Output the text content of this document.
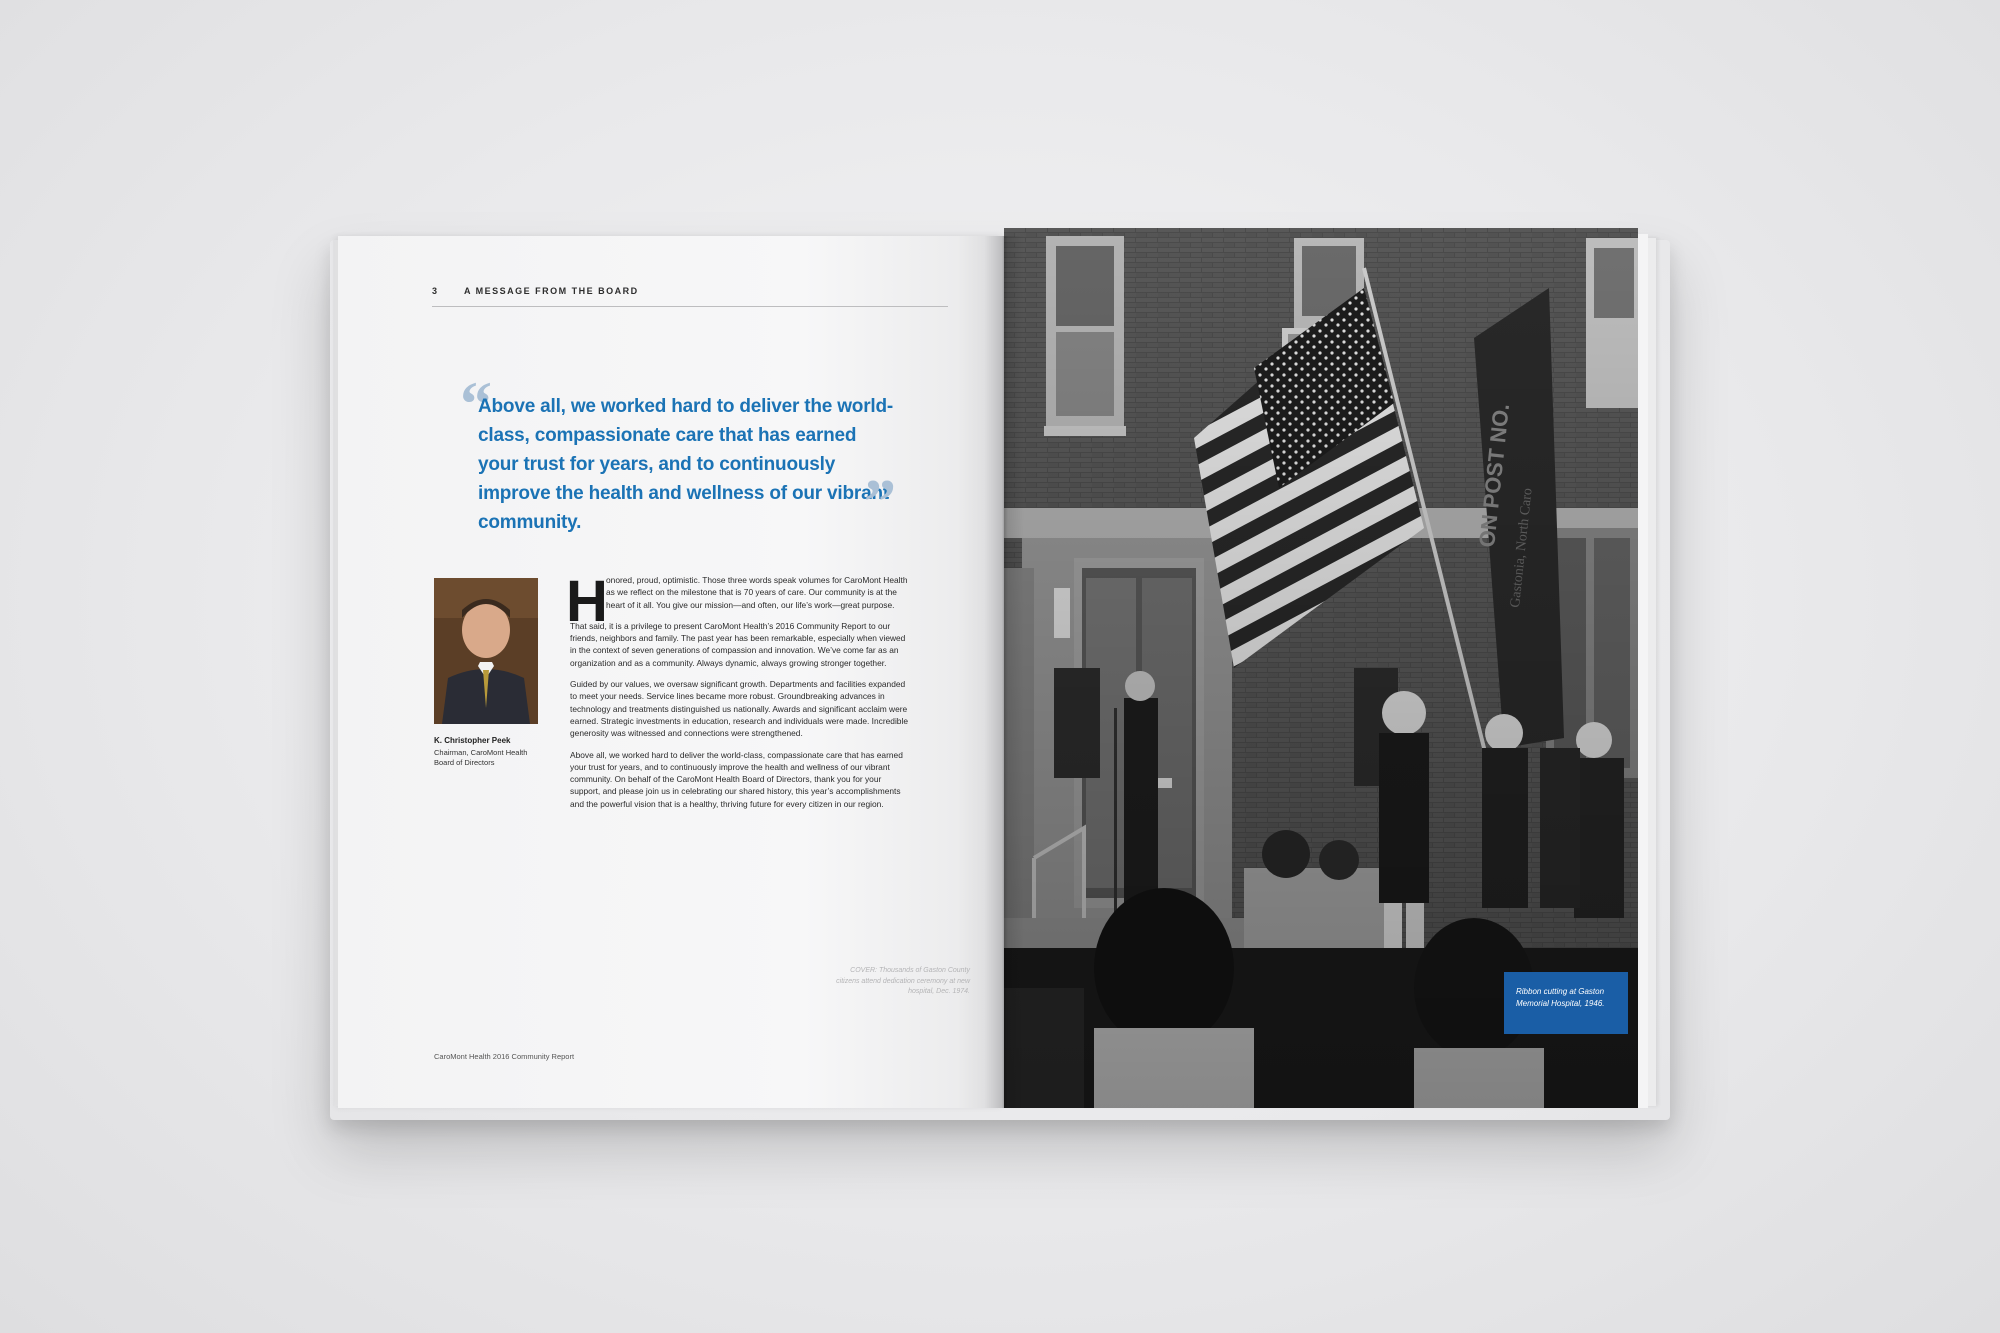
3	A MESSAGE FROM THE BOARD
“
Above all, we worked hard to deliver the world-class, compassionate care that has earned your trust for years, and to continuously improve the health and wellness of our vibrant community.	”
K. Christopher Peek
Chairman, CaroMont Health
Board of Directors
H

onored, proud, optimistic. Those three words speak volumes for CaroMont Health as we reflect on the milestone that is 70 years of care. Our community is at the heart of it all. You give our mission—and often, our life’s work—great purpose.

That said, it is a privilege to present CaroMont Health’s 2016 Community Report to our friends, neighbors and family. The past year has been remarkable, especially when viewed in the context of seven generations of compassion and innovation. We’ve come far as an organization and as a community. Always dynamic, always growing stronger together.

Guided by our values, we oversaw significant growth. Departments and facilities expanded to meet your needs. Service lines became more robust. Groundbreaking advances in technology and treatments distinguished us nationally. Awards and significant acclaim were earned. Strategic investments in education, research and individuals were made. Incredible generosity was witnessed and connections were strengthened.

Above all, we worked hard to deliver the world-class, compassionate care that has earned your trust for years, and to continuously improve the health and wellness of our vibrant community. On behalf of the CaroMont Health Board of Directors, thank you for your support, and please join us in celebrating our shared history, this year’s accomplishments and the powerful vision that is a healthy, thriving future for every citizen in our region.

COVER: Thousands of Gaston County citizens attend dedication ceremony at new hospital, Dec. 1974.
CaroMont Health 2016 Community Report
Ribbon cutting at Gaston Memorial Hospital, 1946.
